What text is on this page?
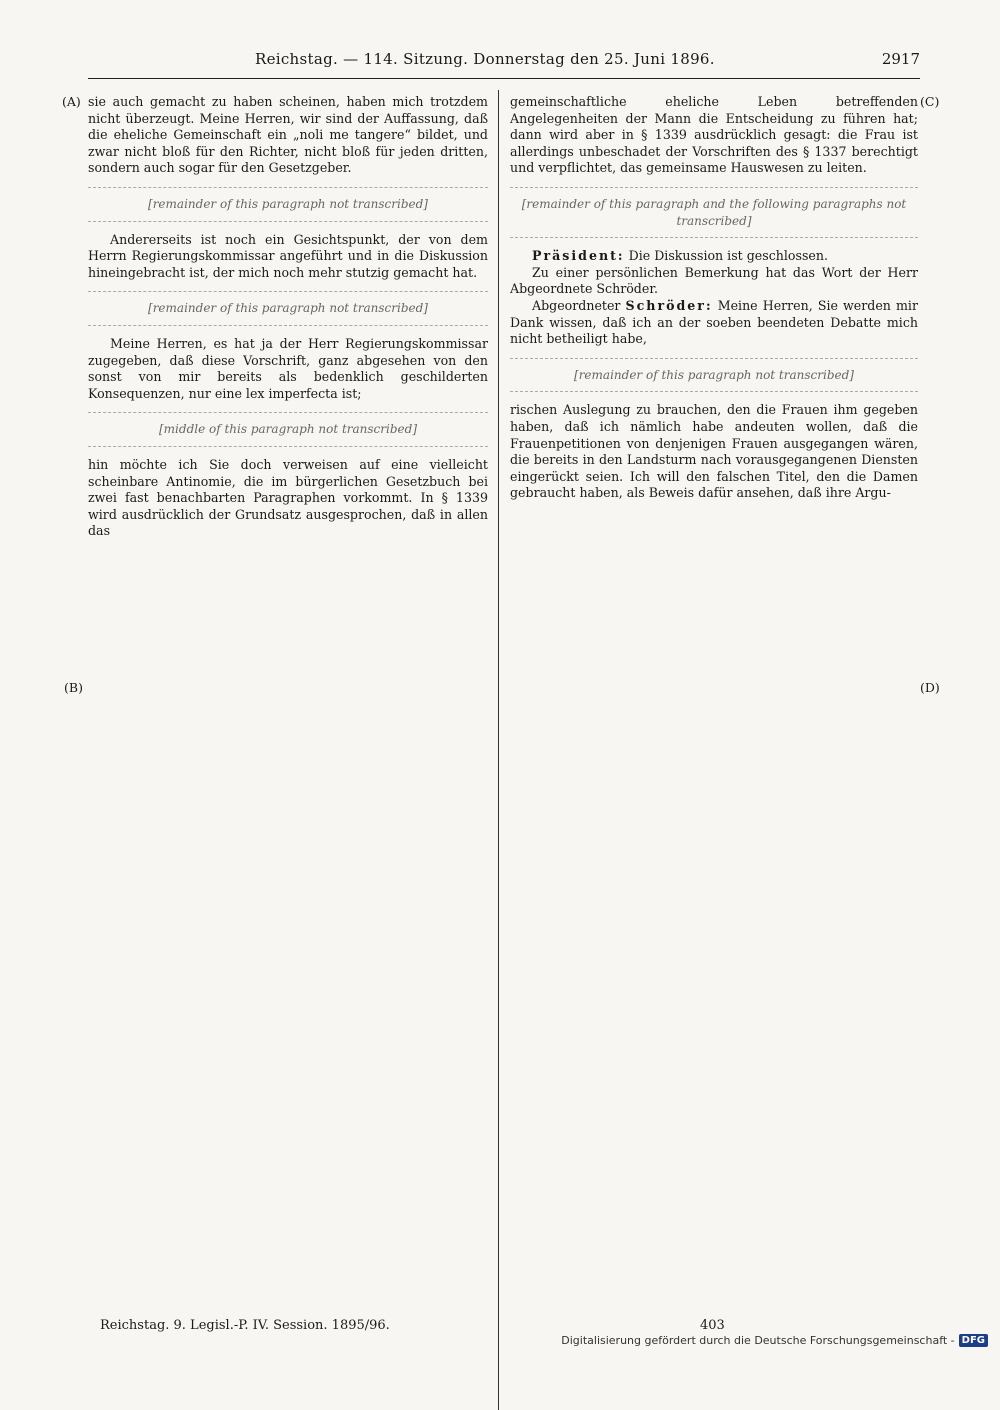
Reichstag. — 114. Sitzung. Donnerstag den 25. Juni 1896.	2917
(A)
(B)
(C)
(D)

sie auch gemacht zu haben scheinen, haben mich trotzdem nicht überzeugt. Meine Herren, wir sind der Auffassung, daß die eheliche Gemeinschaft ein „noli me tangere“ bildet, und zwar nicht bloß für den Richter, nicht bloß für jeden dritten, sondern auch sogar für den Gesetzgeber.

[remainder of this paragraph not transcribed]

Andererseits ist noch ein Gesichtspunkt, der von dem Herrn Regierungskommissar angeführt und in die Diskussion hineingebracht ist, der mich noch mehr stutzig gemacht hat.

[remainder of this paragraph not transcribed]

Meine Herren, es hat ja der Herr Regierungskommissar zugegeben, daß diese Vorschrift, ganz abgesehen von den sonst von mir bereits als bedenklich geschilderten Konsequenzen, nur eine lex imperfecta ist;

[middle of this paragraph not transcribed]

hin möchte ich Sie doch verweisen auf eine vielleicht scheinbare Antinomie, die im bürgerlichen Gesetzbuch bei zwei fast benachbarten Paragraphen vorkommt. In § 1339 wird ausdrücklich der Grundsatz ausgesprochen, daß in allen das

gemeinschaftliche eheliche Leben betreffenden Angelegenheiten der Mann die Entscheidung zu führen hat; dann wird aber in § 1339 ausdrücklich gesagt: die Frau ist allerdings unbeschadet der Vorschriften des § 1337 berechtigt und verpflichtet, das gemeinsame Hauswesen zu leiten.

[remainder of this paragraph and the following paragraphs not transcribed]

Präsident: Die Diskussion ist geschlossen.

Zu einer persönlichen Bemerkung hat das Wort der Herr Abgeordnete Schröder.

Abgeordneter Schröder: Meine Herren, Sie werden mir Dank wissen, daß ich an der soeben beendeten Debatte mich nicht betheiligt habe,

[remainder of this paragraph not transcribed]

rischen Auslegung zu brauchen, den die Frauen ihm gegeben haben, daß ich nämlich habe andeuten wollen, daß die Frauenpetitionen von denjenigen Frauen ausgegangen wären, die bereits in den Landsturm nach vorausgegangenen Diensten eingerückt seien. Ich will den falschen Titel, den die Damen gebraucht haben, als Beweis dafür ansehen, daß ihre Argu-

Reichstag. 9. Legisl.-P. IV. Session. 1895/96.	403
Digitalisierung gefördert durch die Deutsche Forschungsgemeinschaft - DFG
